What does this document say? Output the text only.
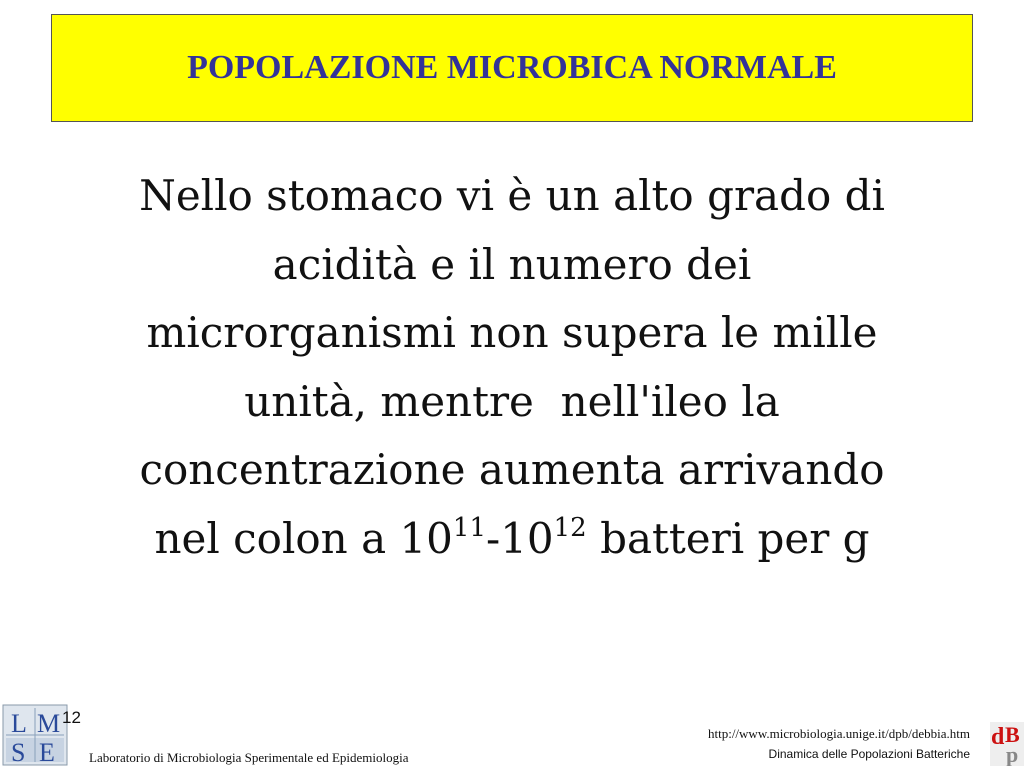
POPOLAZIONE MICROBICA NORMALE
Nello stomaco vi è un alto grado di
acidità e il numero dei
microrganismi non supera le mille
unità, mentre  nell'ileo la
concentrazione aumenta arrivando
nel colon a $10^{11}-10^{12}$ batteri per g
L M
S E
12
Laboratorio di Microbiologia Sperimentale ed Epidemiologia
http://www.microbiologia.unige.it/dpb/debbia.htm
Dinamica delle Popolazioni Batteriche
d B
p
